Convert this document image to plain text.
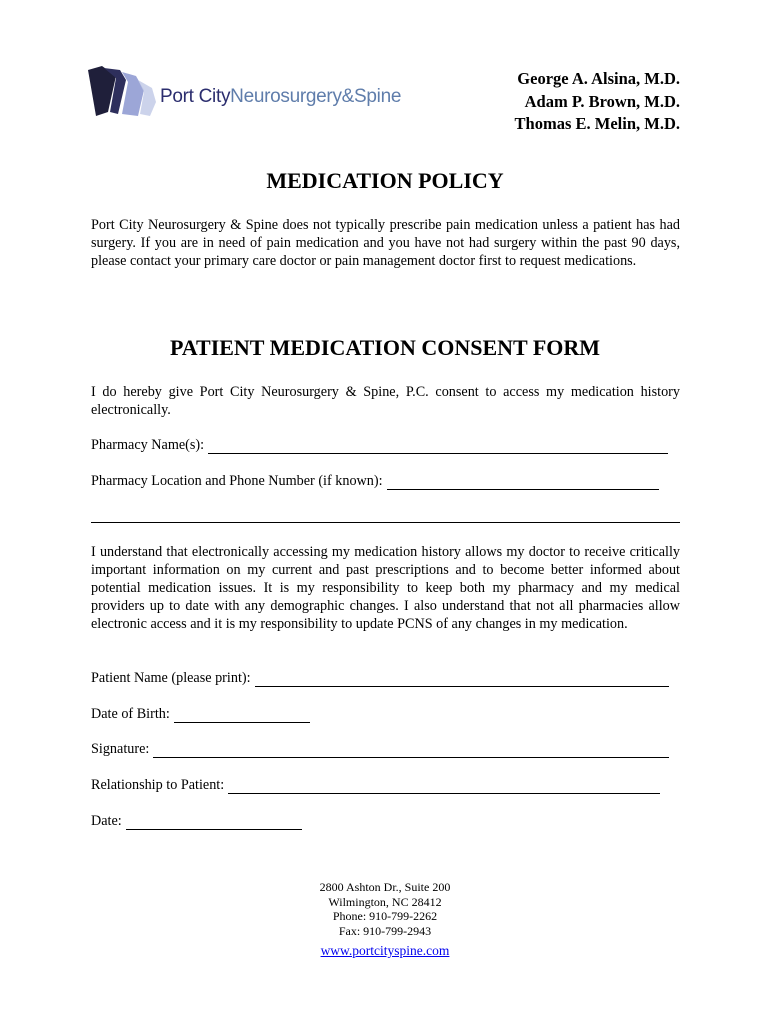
Port CityNeurosurgery&Spine
George A. Alsina, M.D.
Adam P. Brown, M.D.
Thomas E. Melin, M.D.
MEDICATION POLICY

Port City Neurosurgery & Spine does not typically prescribe pain medication unless a patient has had surgery. If you are in need of pain medication and you have not had surgery within the past 90 days, please contact your primary care doctor or pain management doctor first to request medications.

PATIENT MEDICATION CONSENT FORM

I do hereby give Port City Neurosurgery & Spine, P.C. consent to access my medication history electronically.

Pharmacy Name(s):
Pharmacy Location and Phone Number (if known):

I understand that electronically accessing my medication history allows my doctor to receive critically important information on my current and past prescriptions and to become better informed about potential medication issues. It is my responsibility to keep both my pharmacy and my medical providers up to date with any demographic changes. I also understand that not all pharmacies allow electronic access and it is my responsibility to update PCNS of any changes in my medication.

Patient Name (please print):
Date of Birth:
Signature:
Relationship to Patient:
Date:
2800 Ashton Dr., Suite 200
Wilmington, NC 28412
Phone: 910-799-2262
Fax: 910-799-2943
www.portcityspine.com
